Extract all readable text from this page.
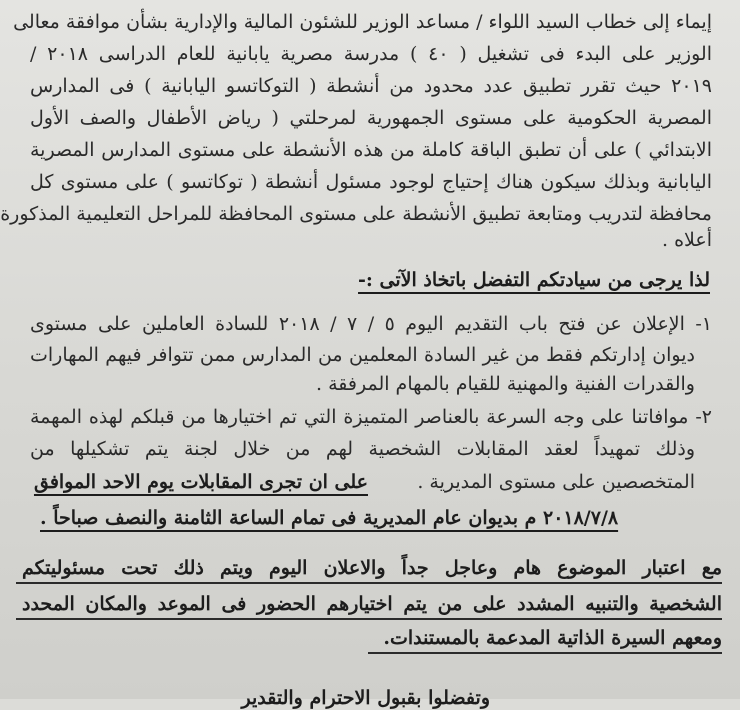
إيماء إلى خطاب السيد اللواء / مساعد الوزير للشئون المالية والإدارية بشأن موافقة معالى
الوزير على البدء فى تشغيل ( ٤٠ ) مدرسة مصرية يابانية للعام الدراسى ٢٠١٨ /
٢٠١٩ حيث تقرر تطبيق عدد محدود من أنشطة ( التوكاتسو اليابانية ) فى المدارس
المصرية الحكومية على مستوى الجمهورية لمرحلتي ( رياض الأطفال والصف الأول
الابتدائي ) على أن تطبق الباقة كاملة من هذه الأنشطة على مستوى المدارس المصرية
اليابانية وبذلك سيكون هناك إحتياج لوجود مسئول أنشطة ( توكاتسو ) على مستوى كل
محافظة لتدريب ومتابعة تطبيق الأنشطة على مستوى المحافظة للمراحل التعليمية المذكورة
أعلاه .
لذا يرجى من سيادتكم التفضل باتخاذ الآتى :-
١- الإعلان عن فتح باب التقديم اليوم ٥ / ٧ / ٢٠١٨ للسادة العاملين على مستوى
ديوان إدارتكم فقط من غير السادة المعلمين من المدارس ممن تتوافر فيهم المهارات
والقدرات الفنية والمهنية للقيام بالمهام المرفقة .
٢- موافاتنا على وجه السرعة بالعناصر المتميزة التي تم اختيارها من قبلكم لهذه المهمة
وذلك تمهيداً لعقد المقابلات الشخصية لهم من خلال لجنة يتم تشكيلها من
المتخصصين على مستوى المديرية .
على ان تجرى المقابلات يوم الاحد الموافق
٢٠١٨/٧/٨ م بديوان عام المديرية فى تمام الساعة الثامنة والنصف صباحاً .
مع اعتبار الموضوع هام وعاجل جداً والاعلان اليوم ويتم ذلك تحت مسئوليتكم
الشخصية والتنبيه المشدد على من يتم اختيارهم الحضور فى الموعد والمكان المحدد
ومعهم السيرة الذاتية المدعمة بالمستندات.
وتفضلوا بقبول الاحترام والتقدير
